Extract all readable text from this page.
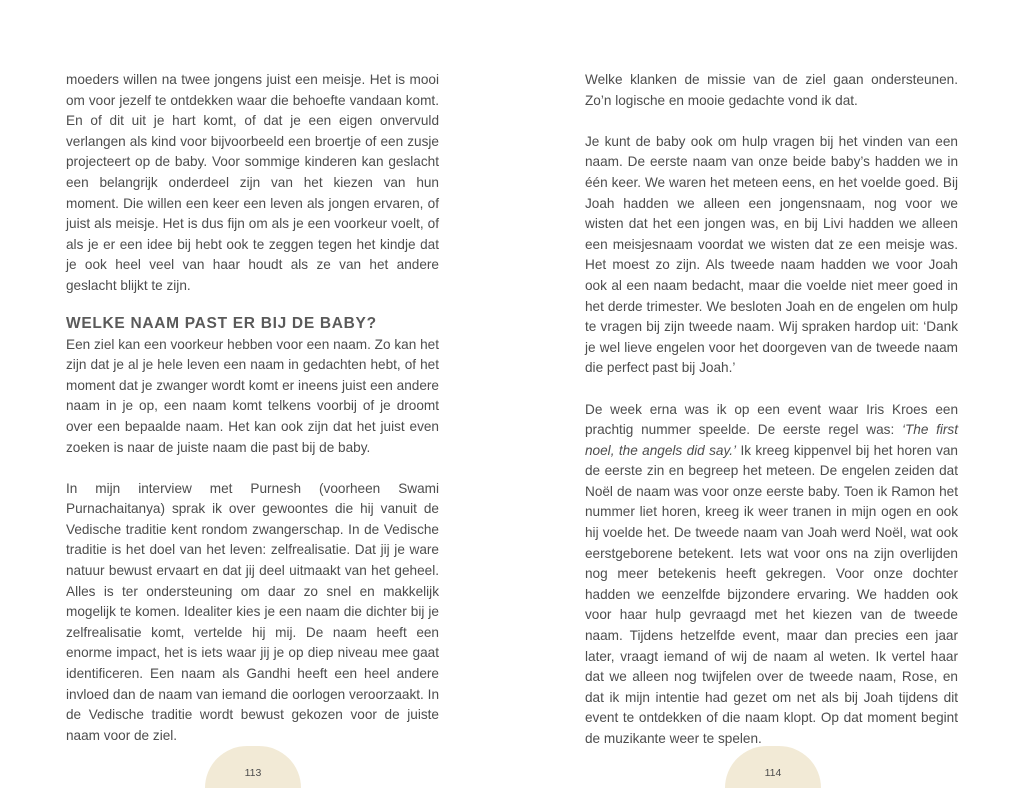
moeders willen na twee jongens juist een meisje. Het is mooi om voor jezelf te ontdekken waar die behoefte vandaan komt. En of dit uit je hart komt, of dat je een eigen onvervuld verlangen als kind voor bijvoorbeeld een broertje of een zusje projecteert op de baby. Voor sommige kinderen kan geslacht een belangrijk onderdeel zijn van het kiezen van hun moment. Die willen een keer een leven als jongen ervaren, of juist als meisje. Het is dus fijn om als je een voorkeur voelt, of als je er een idee bij hebt ook te zeggen tegen het kindje dat je ook heel veel van haar houdt als ze van het andere geslacht blijkt te zijn.

WELKE NAAM PAST ER BIJ DE BABY?

Een ziel kan een voorkeur hebben voor een naam. Zo kan het zijn dat je al je hele leven een naam in gedachten hebt, of het moment dat je zwanger wordt komt er ineens juist een andere naam in je op, een naam komt telkens voorbij of je droomt over een bepaalde naam. Het kan ook zijn dat het juist even zoeken is naar de juiste naam die past bij de baby.

In mijn interview met Purnesh (voorheen Swami Purnachaitanya) sprak ik over gewoontes die hij vanuit de Vedische traditie kent rondom zwangerschap. In de Vedische traditie is het doel van het leven: zelfrealisatie. Dat jij je ware natuur bewust ervaart en dat jij deel uitmaakt van het geheel. Alles is ter ondersteuning om daar zo snel en makkelijk mogelijk te komen. Idealiter kies je een naam die dichter bij je zelfrealisatie komt, vertelde hij mij. De naam heeft een enorme impact, het is iets waar jij je op diep niveau mee gaat identificeren. Een naam als Gandhi heeft een heel andere invloed dan de naam van iemand die oorlogen veroorzaakt. In de Vedische traditie wordt bewust gekozen voor de juiste naam voor de ziel.

113

Welke klanken de missie van de ziel gaan ondersteunen. Zo’n logische en mooie gedachte vond ik dat.

Je kunt de baby ook om hulp vragen bij het vinden van een naam. De eerste naam van onze beide baby’s hadden we in één keer. We waren het meteen eens, en het voelde goed. Bij Joah hadden we alleen een jongensnaam, nog voor we wisten dat het een jongen was, en bij Livi hadden we alleen een meisjesnaam voordat we wisten dat ze een meisje was. Het moest zo zijn. Als tweede naam hadden we voor Joah ook al een naam bedacht, maar die voelde niet meer goed in het derde trimester. We besloten Joah en de engelen om hulp te vragen bij zijn tweede naam. Wij spraken hardop uit: ‘Dank je wel lieve engelen voor het doorgeven van de tweede naam die perfect past bij Joah.’

De week erna was ik op een event waar Iris Kroes een prachtig nummer speelde. De eerste regel was: ‘The first noel, the angels did say.’ Ik kreeg kippenvel bij het horen van de eerste zin en begreep het meteen. De engelen zeiden dat Noël de naam was voor onze eerste baby. Toen ik Ramon het nummer liet horen, kreeg ik weer tranen in mijn ogen en ook hij voelde het. De tweede naam van Joah werd Noël, wat ook eerstgeborene betekent. Iets wat voor ons na zijn overlijden nog meer betekenis heeft gekregen. Voor onze dochter hadden we eenzelfde bijzondere ervaring. We hadden ook voor haar hulp gevraagd met het kiezen van de tweede naam. Tijdens hetzelfde event, maar dan precies een jaar later, vraagt iemand of wij de naam al weten. Ik vertel haar dat we alleen nog twijfelen over de tweede naam, Rose, en dat ik mijn intentie had gezet om net als bij Joah tijdens dit event te ontdekken of die naam klopt. Op dat moment begint de muzikante weer te spelen.

114
